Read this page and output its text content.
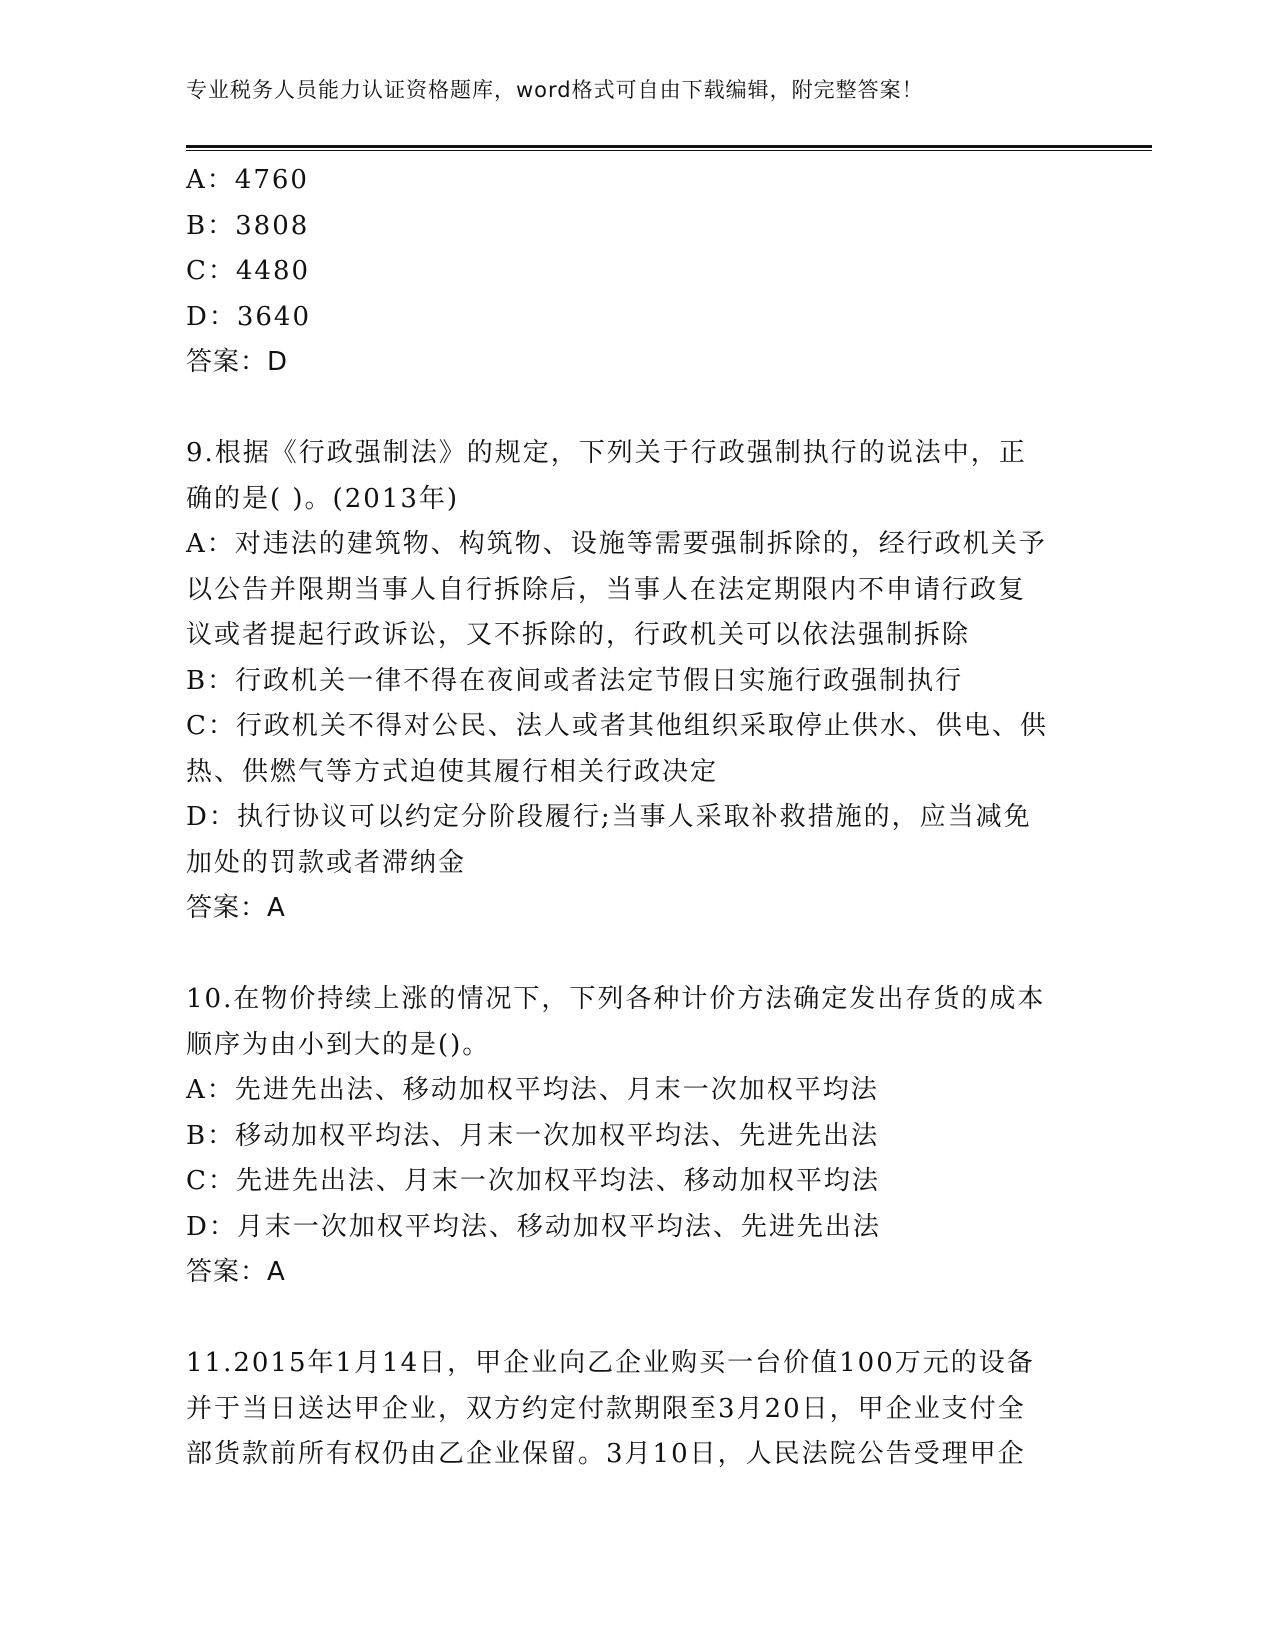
专业税务人员能力认证资格题库，word格式可自由下载编辑，附完整答案！
A：4760
B：3808
C：4480
D：3640
答案：D
9.根据《行政强制法》的规定，下列关于行政强制执行的说法中，正
确的是( )。(2013年)
A：对违法的建筑物、构筑物、设施等需要强制拆除的，经行政机关予
以公告并限期当事人自行拆除后，当事人在法定期限内不申请行政复
议或者提起行政诉讼，又不拆除的，行政机关可以依法强制拆除
B：行政机关一律不得在夜间或者法定节假日实施行政强制执行
C：行政机关不得对公民、法人或者其他组织采取停止供水、供电、供
热、供燃气等方式迫使其履行相关行政决定
D：执行协议可以约定分阶段履行;当事人采取补救措施的，应当减免
加处的罚款或者滞纳金
答案：A
10.在物价持续上涨的情况下，下列各种计价方法确定发出存货的成本
顺序为由小到大的是()。
A：先进先出法、移动加权平均法、月末一次加权平均法
B：移动加权平均法、月末一次加权平均法、先进先出法
C：先进先出法、月末一次加权平均法、移动加权平均法
D：月末一次加权平均法、移动加权平均法、先进先出法
答案：A
11.2015年1月14日，甲企业向乙企业购买一台价值100万元的设备
并于当日送达甲企业，双方约定付款期限至3月20日，甲企业支付全
部货款前所有权仍由乙企业保留。3月10日，人民法院公告受理甲企
